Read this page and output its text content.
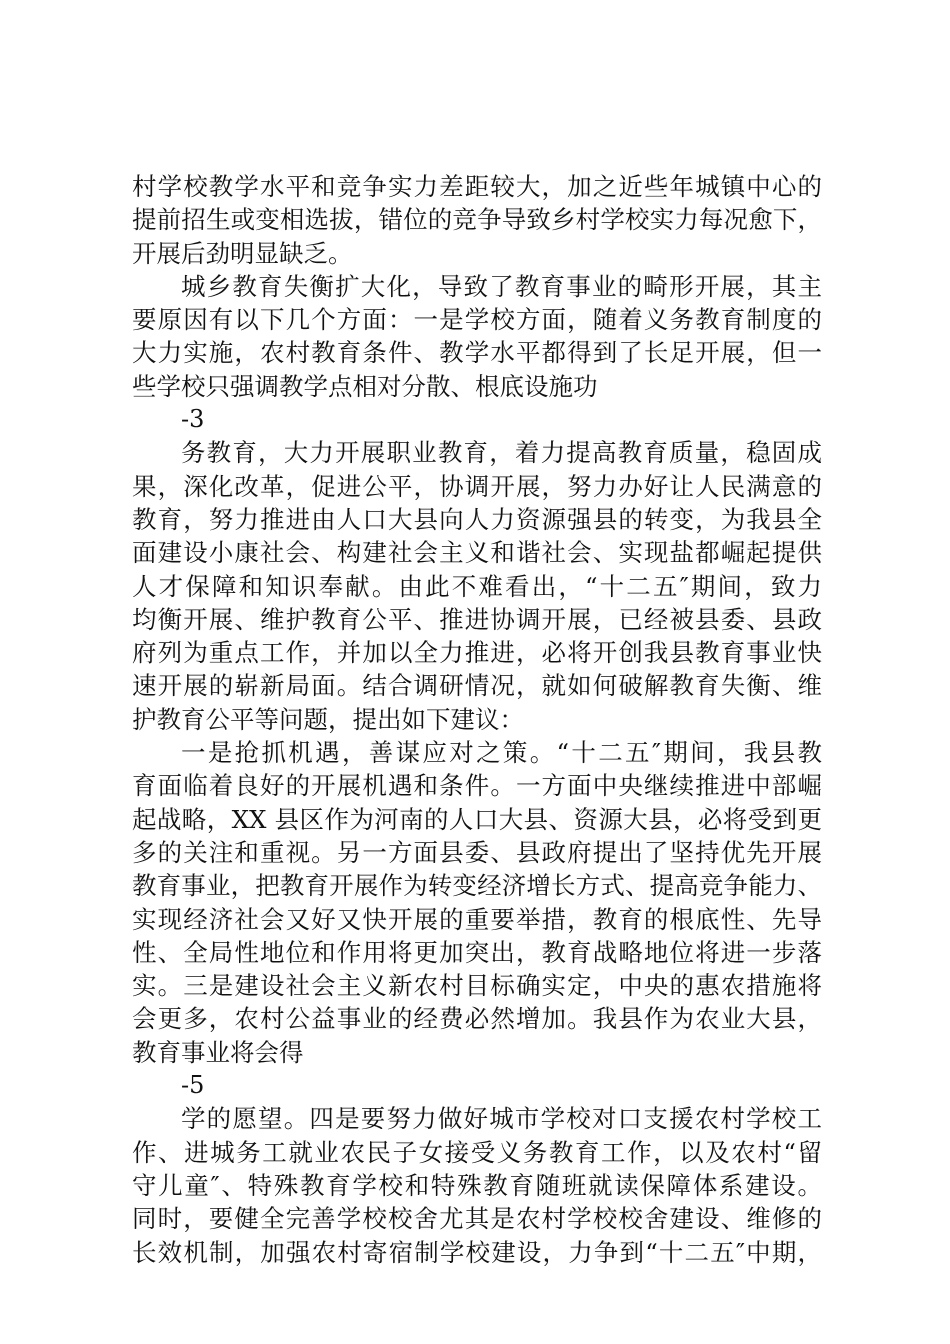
村学校教学水平和竞争实力差距较大，加之近些年城镇中心的
提前招生或变相选拔，错位的竞争导致乡村学校实力每况愈下，
开展后劲明显缺乏。
城乡教育失衡扩大化，导致了教育事业的畸形开展，其主
要原因有以下几个方面：一是学校方面，随着义务教育制度的
大力实施，农村教育条件、教学水平都得到了长足开展，但一
些学校只强调教学点相对分散、根底设施功
-3
务教育，大力开展职业教育，着力提高教育质量，稳固成
果，深化改革，促进公平，协调开展，努力办好让人民满意的
教育，努力推进由人口大县向人力资源强县的转变，为我县全
面建设小康社会、构建社会主义和谐社会、实现盐都崛起提供
人才保障和知识奉献。由此不难看出，“十二五″期间，致力
均衡开展、维护教育公平、推进协调开展，已经被县委、县政
府列为重点工作，并加以全力推进，必将开创我县教育事业快
速开展的崭新局面。结合调研情况，就如何破解教育失衡、维
护教育公平等问题，提出如下建议：
一是抢抓机遇，善谋应对之策。“十二五″期间，我县教
育面临着良好的开展机遇和条件。一方面中央继续推进中部崛
起战略，XX 县区作为河南的人口大县、资源大县，必将受到更
多的关注和重视。另一方面县委、县政府提出了坚持优先开展
教育事业，把教育开展作为转变经济增长方式、提高竞争能力、
实现经济社会又好又快开展的重要举措，教育的根底性、先导
性、全局性地位和作用将更加突出，教育战略地位将进一步落
实。三是建设社会主义新农村目标确实定，中央的惠农措施将
会更多，农村公益事业的经费必然增加。我县作为农业大县，
教育事业将会得
-5
学的愿望。四是要努力做好城市学校对口支援农村学校工
作、进城务工就业农民子女接受义务教育工作，以及农村“留
守儿童″、特殊教育学校和特殊教育随班就读保障体系建设。
同时，要健全完善学校校舍尤其是农村学校校舍建设、维修的
长效机制，加强农村寄宿制学校建设，力争到“十二五″中期，
